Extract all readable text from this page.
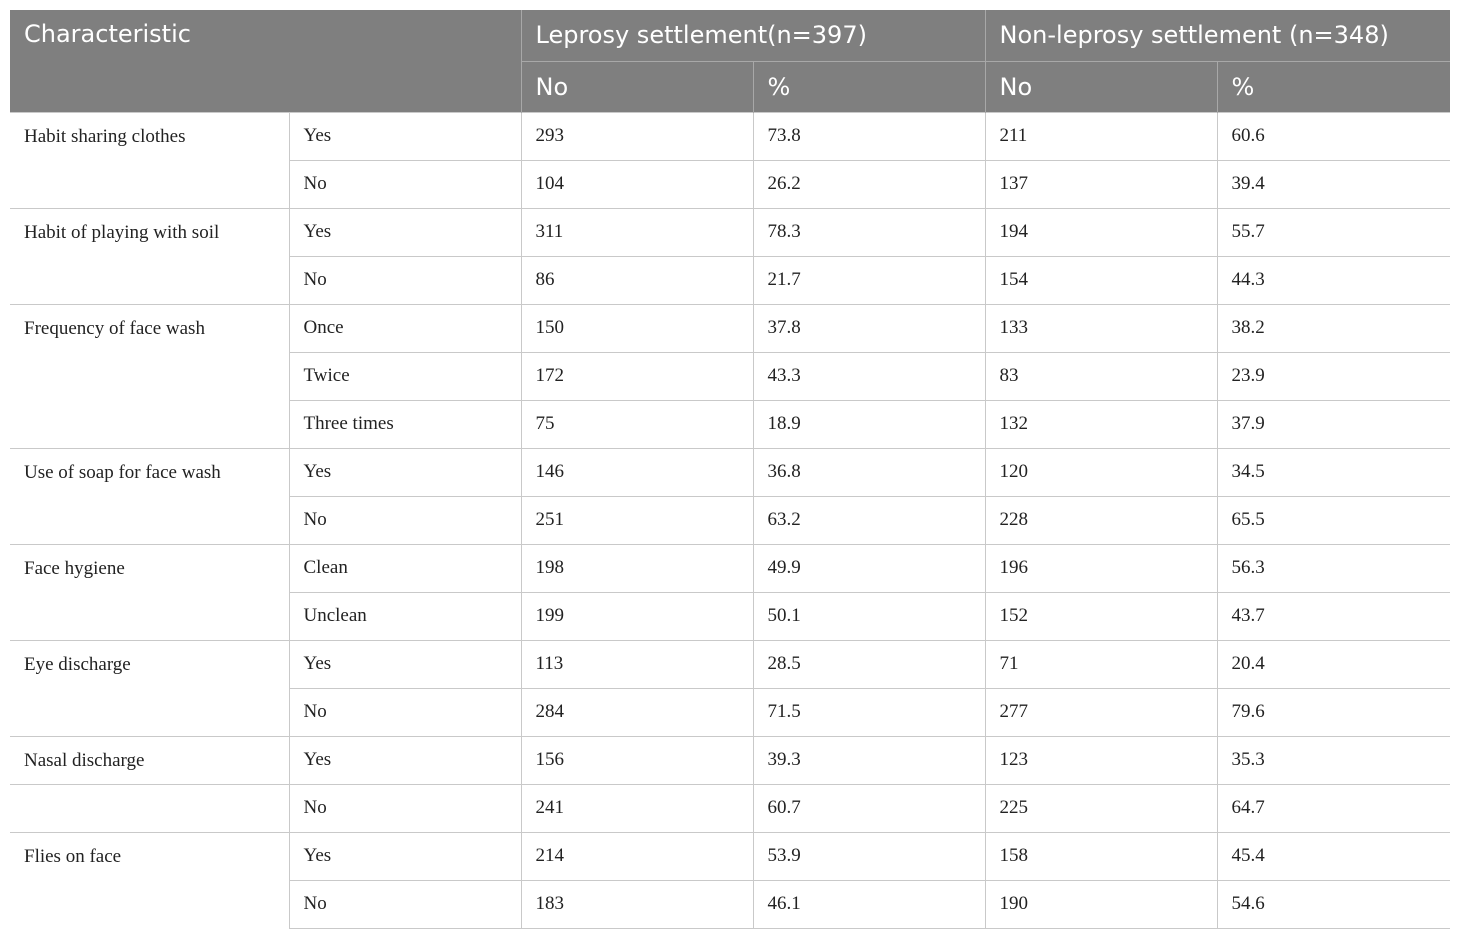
Characteristic		Leprosy settlement(n=397)		Non-leprosy settlement (n=348)	
		No	%	No	%
Habit sharing clothes	Yes	293	73.8	211	60.6
	No	104	26.2	137	39.4
Habit of playing with soil	Yes	311	78.3	194	55.7
	No	86	21.7	154	44.3
Frequency of face wash	Once	150	37.8	133	38.2
	Twice	172	43.3	83	23.9
	Three times	75	18.9	132	37.9
Use of soap for face wash	Yes	146	36.8	120	34.5
	No	251	63.2	228	65.5
Face hygiene	Clean	198	49.9	196	56.3
	Unclean	199	50.1	152	43.7
Eye discharge	Yes	113	28.5	71	20.4
	No	284	71.5	277	79.6
Nasal discharge	Yes	156	39.3	123	35.3
	No	241	60.7	225	64.7
Flies on face	Yes	214	53.9	158	45.4
	No	183	46.1	190	54.6
